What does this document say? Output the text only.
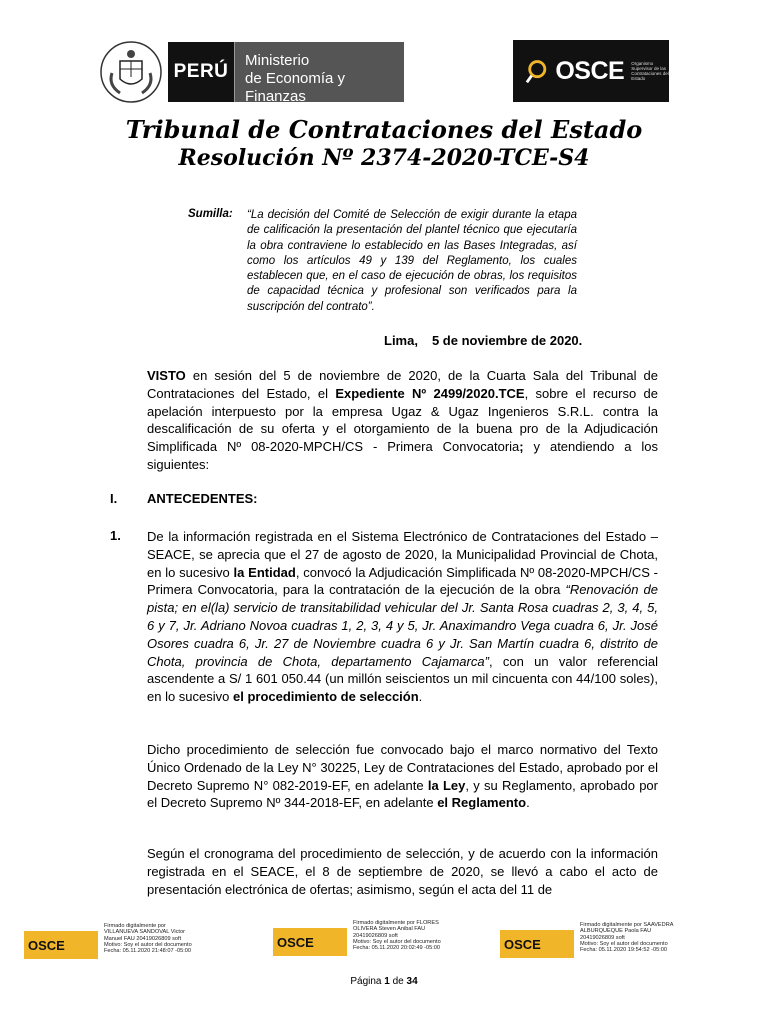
PERÚ
Ministerio
de Economía y Finanzas
OSCE Organismo Supervisor de las Contrataciones del Estado
Tribunal de Contrataciones del Estado
Resolución Nº 2374-2020-TCE-S4
Sumilla: “La decisión del Comité de Selección de exigir durante la etapa de calificación la presentación del plantel técnico que ejecutaría la obra contraviene lo establecido en las Bases Integradas, así como los artículos 49 y 139 del Reglamento, los cuales establecen que, en el caso de ejecución de obras, los requisitos de capacidad técnica y profesional son verificados para la suscripción del contrato”.
Lima, 5 de noviembre de 2020.
VISTO en sesión del 5 de noviembre de 2020, de la Cuarta Sala del Tribunal de Contrataciones del Estado, el Expediente Nº 2499/2020.TCE, sobre el recurso de apelación interpuesto por la empresa Ugaz & Ugaz Ingenieros S.R.L. contra la descalificación de su oferta y el otorgamiento de la buena pro de la Adjudicación Simplificada Nº 08-2020-MPCH/CS - Primera Convocatoria; y atendiendo a los siguientes:
I. ANTECEDENTES:
1. De la información registrada en el Sistema Electrónico de Contrataciones del Estado – SEACE, se aprecia que el 27 de agosto de 2020, la Municipalidad Provincial de Chota, en lo sucesivo la Entidad, convocó la Adjudicación Simplificada Nº 08-2020-MPCH/CS - Primera Convocatoria, para la contratación de la ejecución de la obra “Renovación de pista; en el(la) servicio de transitabilidad vehicular del Jr. Santa Rosa cuadras 2, 3, 4, 5, 6 y 7, Jr. Adriano Novoa cuadras 1, 2, 3, 4 y 5, Jr. Anaximandro Vega cuadra 6, Jr. José Osores cuadra 6, Jr. 27 de Noviembre cuadra 6 y Jr. San Martín cuadra 6, distrito de Chota, provincia de Chota, departamento Cajamarca”, con un valor referencial ascendente a S/ 1 601 050.44 (un millón seiscientos un mil cincuenta con 44/100 soles), en lo sucesivo el procedimiento de selección.
Dicho procedimiento de selección fue convocado bajo el marco normativo del Texto Único Ordenado de la Ley N° 30225, Ley de Contrataciones del Estado, aprobado por el Decreto Supremo N° 082-2019-EF, en adelante la Ley, y su Reglamento, aprobado por el Decreto Supremo Nº 344-2018-EF, en adelante el Reglamento.
Según el cronograma del procedimiento de selección, y de acuerdo con la información registrada en el SEACE, el 8 de septiembre de 2020, se llevó a cabo el acto de presentación electrónica de ofertas; asimismo, según el acta del 11 de
OSCE
Firmado digitalmente por
VILLANUEVA SANDOVAL Victor
Manuel FAU 20419026809 soft
Motivo: Soy el autor del documento
Fecha: 05.11.2020 21:48:07 -05:00
OSCE
Firmado digitalmente por FLORES
OLIVERA Steven Anibal FAU
20419026809 soft
Motivo: Soy el autor del documento
Fecha: 05.11.2020 20:02:49 -05:00	OSCE
Firmado digitalmente por SAAVEDRA
ALBURQUEQUE Paola FAU
20419026809 soft
Motivo: Soy el autor del documento
Fecha: 05.11.2020 19:54:52 -05:00
Página 1 de 34
